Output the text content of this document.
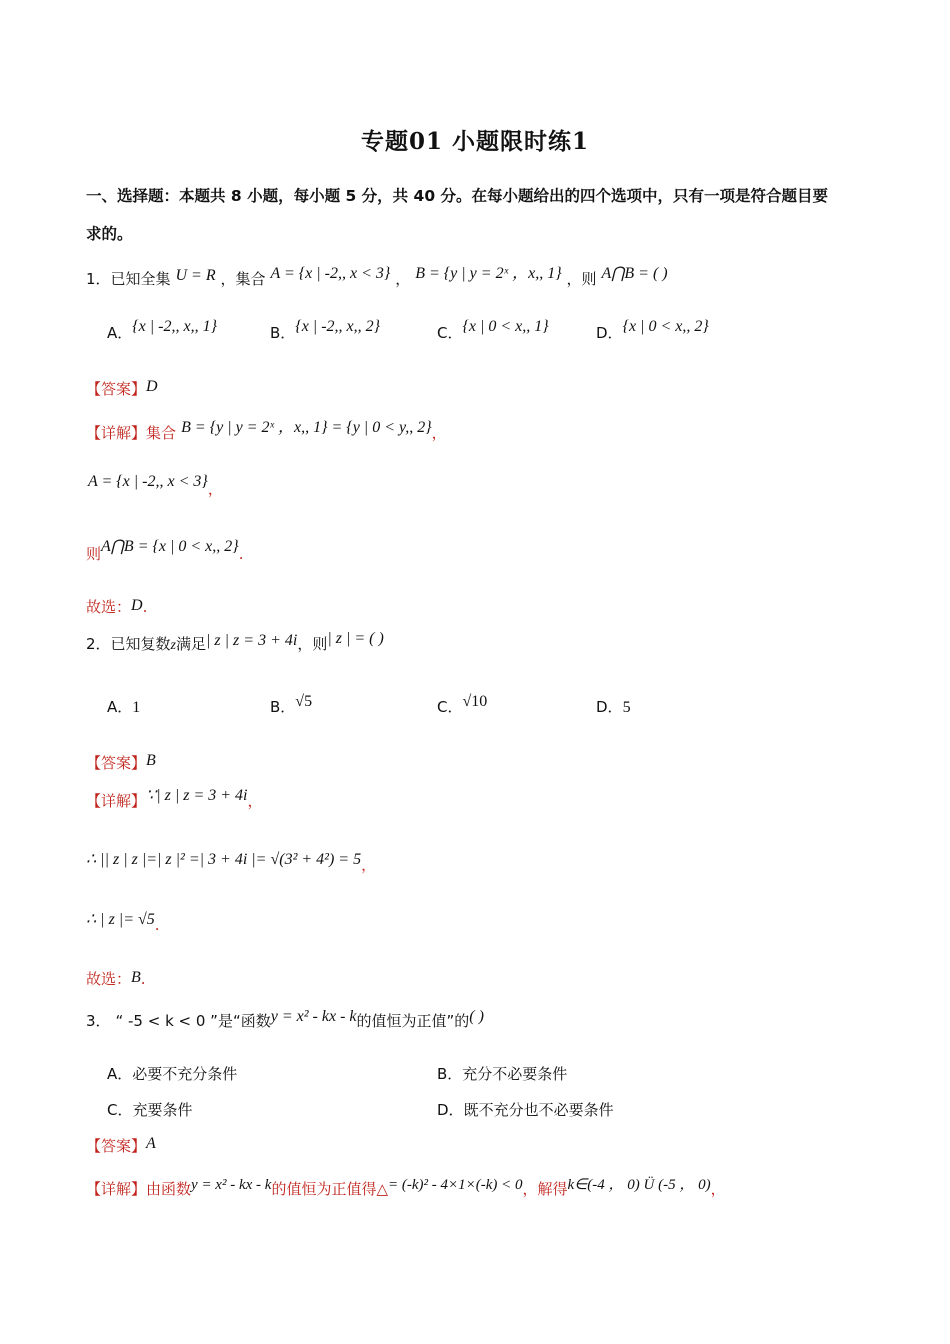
专题01 小题限时练1
一、选择题：本题共 8 小题，每小题 5 分，共 40 分。在每小题给出的四个选项中，只有一项是符合题目要
求的。
1．已知全集 U = R ，集合 A = {x | -2,, x < 3} ， B = {y | y = 2ˣ ，x,, 1} ，则 A⋂B = ( )
A．{x | -2,, x,, 1}	B．{x | -2,, x,, 2}	C．{x | 0 < x,, 1}	D．{x | 0 < x,, 2}
【答案】D
【详解】集合 B = {y | y = 2ˣ ，x,, 1} = {y | 0 < y,, 2}，
A = {x | -2,, x < 3}，
则A⋂B = {x | 0 < x,, 2}.
故选：D.
2．已知复数z满足| z | z = 3 + 4i，则| z | = ( )
A．1	B．√5	C．√10	D．5
【答案】B
【详解】∵| z | z = 3 + 4i，
∴ || z | z |=| z |² =| 3 + 4i |= √(3² + 4²) = 5，
∴ | z |= √5.
故选：B.
3． “ -5 < k < 0 ”是“函数y = x² - kx - k的值恒为正值”的( )
A．必要不充分条件	B．充分不必要条件
C．充要条件	D．既不充分也不必要条件
【答案】A
【详解】由函数y = x² - kx - k的值恒为正值得△= (-k)² - 4×1×(-k) < 0，解得k∈(-4 ， 0) Ü (-5 ， 0)，
